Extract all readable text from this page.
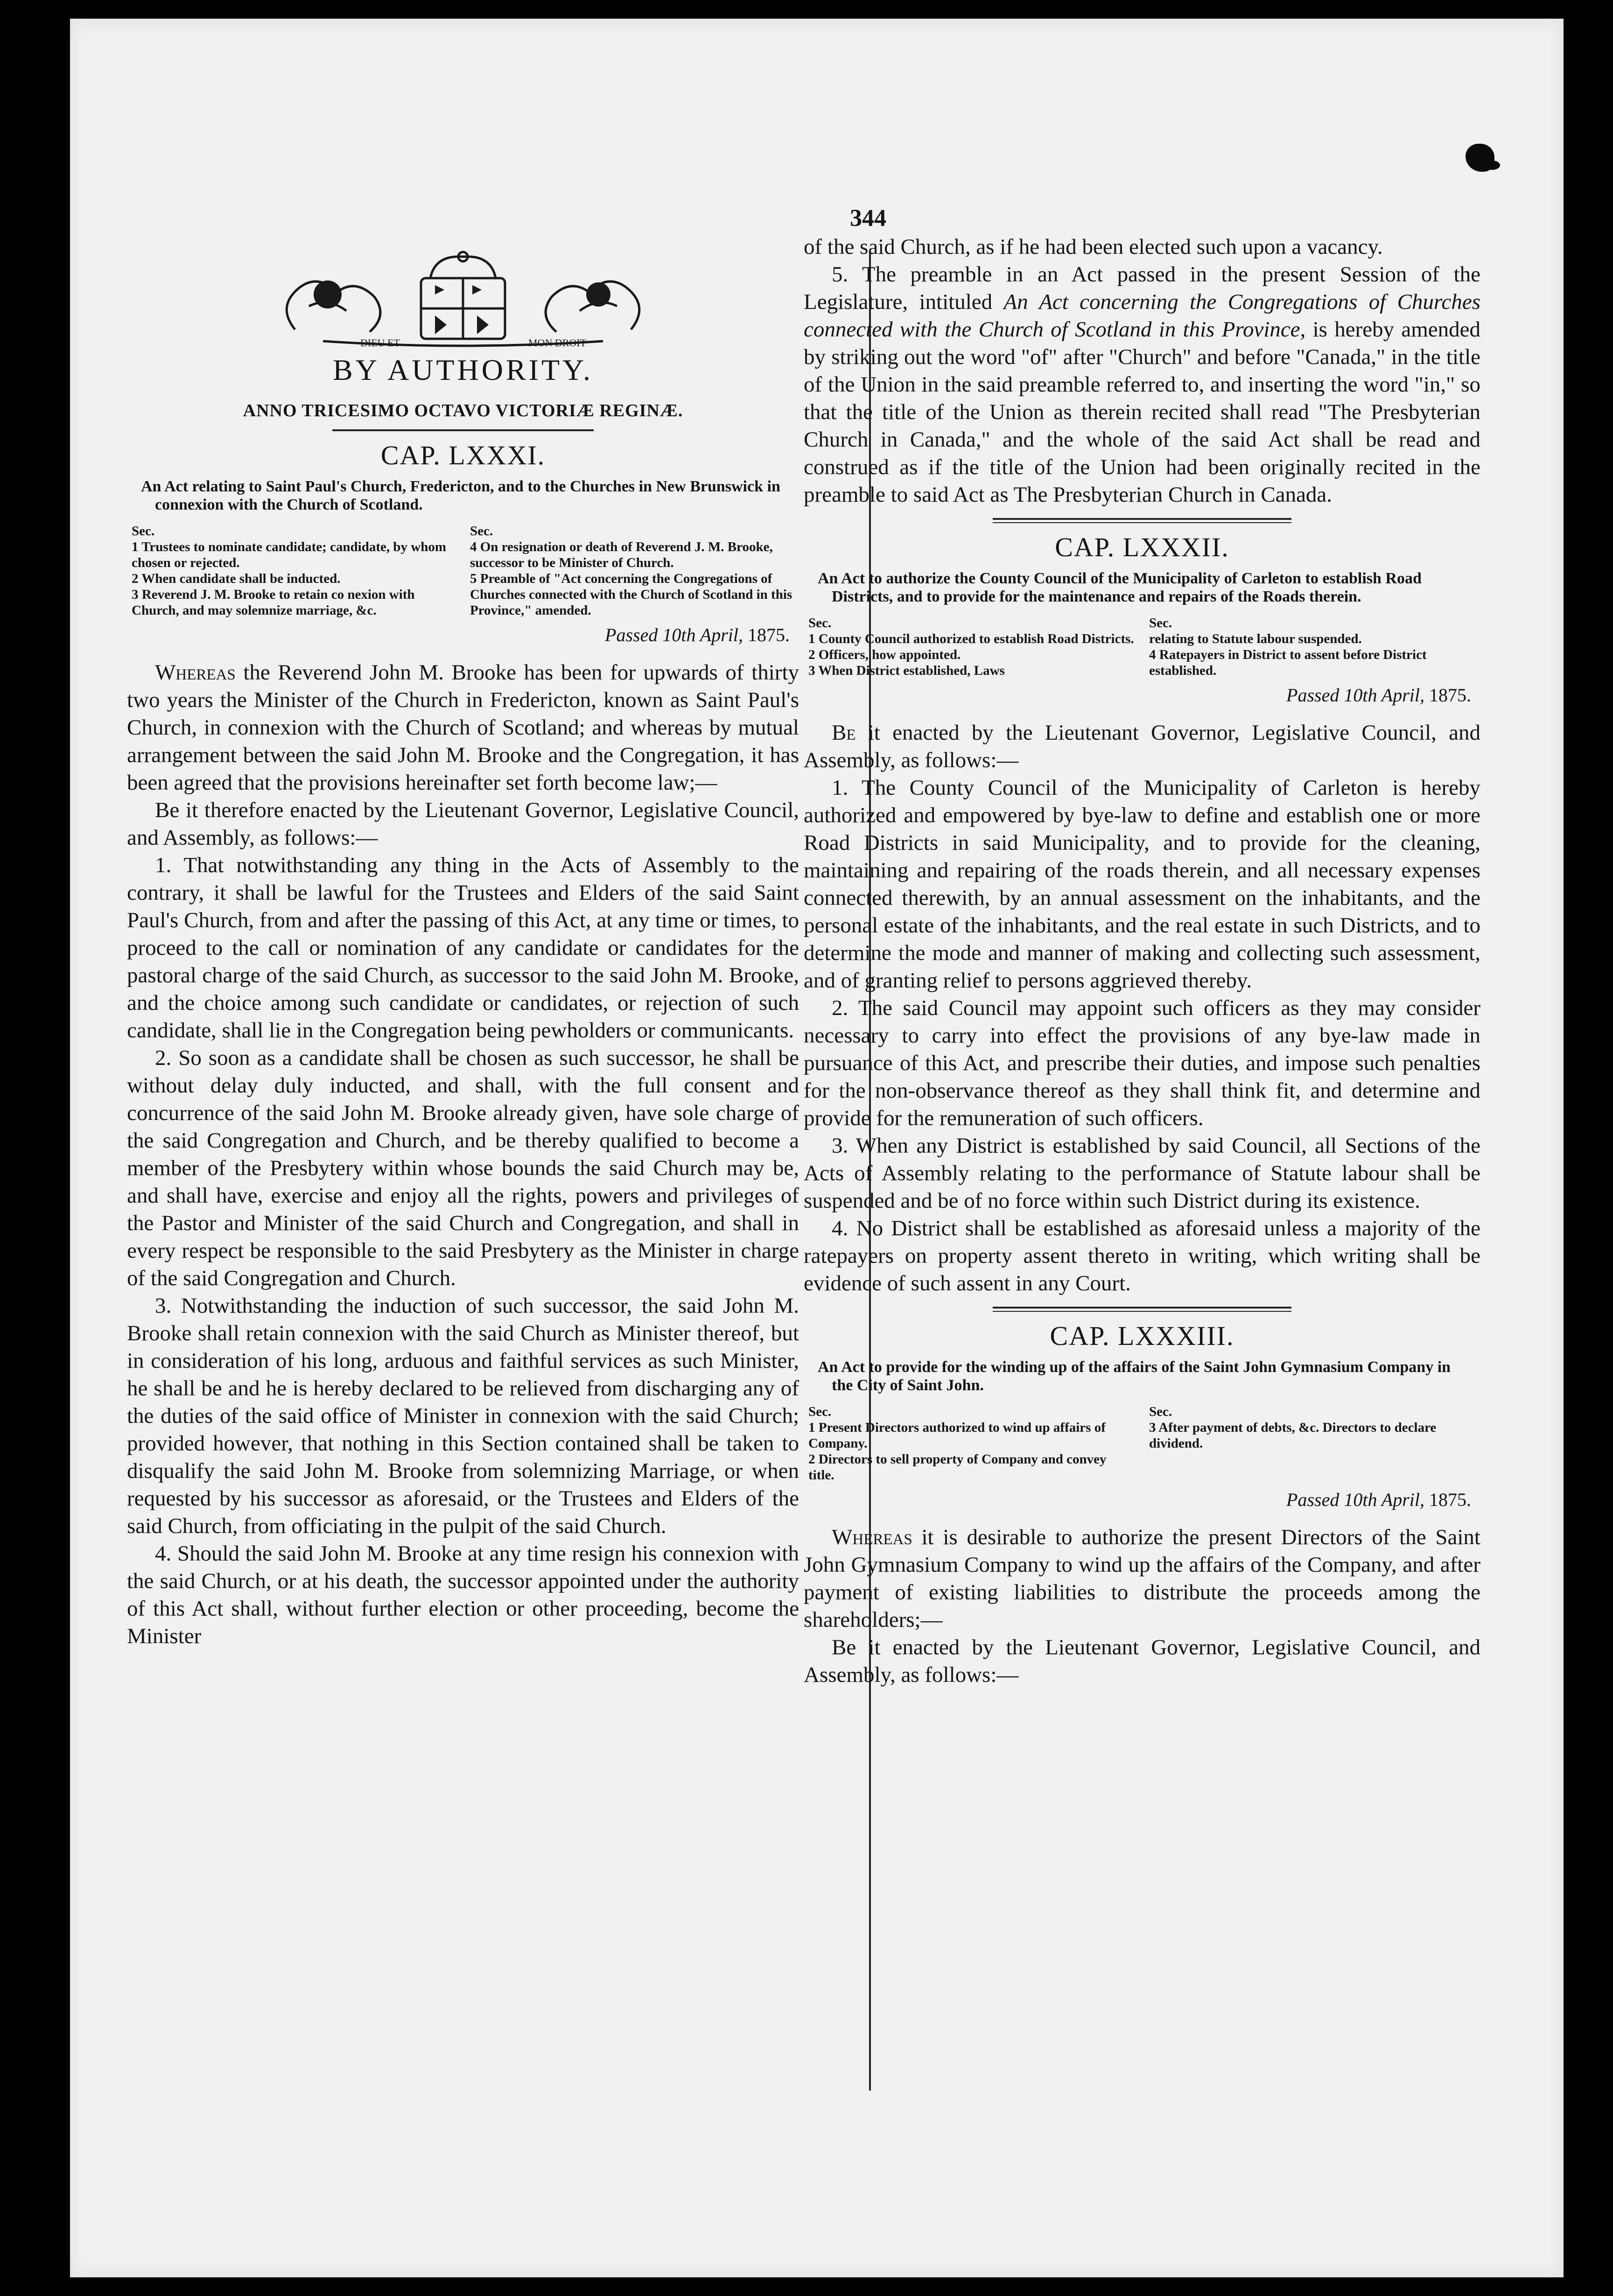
344
DIEU ET	MON DROIT
BY AUTHORITY.
ANNO TRICESIMO OCTAVO VICTORIÆ REGINÆ.
CAP. LXXXI.
An Act relating to Saint Paul's Church, Fredericton, and to the Churches in New Brunswick in connexion with the Church of Scotland.
Sec.
1 Trustees to nominate candidate; candidate, by whom chosen or rejected.
2 When candidate shall be inducted.
3 Reverend J. M. Brooke to retain co nexion with Church, and may solemnize marriage, &c.
Sec.
4 On resignation or death of Reverend J. M. Brooke, successor to be Minister of Church.
5 Preamble of "Act concerning the Congregations of Churches connected with the Church of Scotland in this Province," amended.
Passed 10th April, 1875.

Whereas the Reverend John M. Brooke has been for upwards of thirty two years the Minister of the Church in Fredericton, known as Saint Paul's Church, in connexion with the Church of Scotland; and whereas by mutual arrangement between the said John M. Brooke and the Congregation, it has been agreed that the provisions hereinafter set forth become law;—

Be it therefore enacted by the Lieutenant Governor, Legislative Council, and Assembly, as follows:—

1. That notwithstanding any thing in the Acts of Assembly to the contrary, it shall be lawful for the Trustees and Elders of the said Saint Paul's Church, from and after the passing of this Act, at any time or times, to proceed to the call or nomination of any candidate or candidates for the pastoral charge of the said Church, as successor to the said John M. Brooke, and the choice among such candidate or candidates, or rejection of such candidate, shall lie in the Congregation being pewholders or communicants.

2. So soon as a candidate shall be chosen as such successor, he shall be without delay duly inducted, and shall, with the full consent and concurrence of the said John M. Brooke already given, have sole charge of the said Congregation and Church, and be thereby qualified to become a member of the Presbytery within whose bounds the said Church may be, and shall have, exercise and enjoy all the rights, powers and privileges of the Pastor and Minister of the said Church and Congregation, and shall in every respect be responsible to the said Presbytery as the Minister in charge of the said Congregation and Church.

3. Notwithstanding the induction of such successor, the said John M. Brooke shall retain connexion with the said Church as Minister thereof, but in consideration of his long, arduous and faithful services as such Minister, he shall be and he is hereby declared to be relieved from discharging any of the duties of the said office of Minister in connexion with the said Church; provided however, that nothing in this Section contained shall be taken to disqualify the said John M. Brooke from solemnizing Marriage, or when requested by his successor as aforesaid, or the Trustees and Elders of the said Church, from officiating in the pulpit of the said Church.

4. Should the said John M. Brooke at any time resign his connexion with the said Church, or at his death, the successor appointed under the authority of this Act shall, without further election or other proceeding, become the Minister

of the said Church, as if he had been elected such upon a vacancy.

5. The preamble in an Act passed in the present Session of the Legislature, intituled An Act concerning the Congregations of Churches connected with the Church of Scotland in this Province, is hereby amended by striking out the word "of" after "Church" and before "Canada," in the title of the Union in the said preamble referred to, and inserting the word "in," so that the title of the Union as therein recited shall read "The Presbyterian Church in Canada," and the whole of the said Act shall be read and construed as if the title of the Union had been originally recited in the preamble to said Act as The Presbyterian Church in Canada.

CAP. LXXXII.
An Act to authorize the County Council of the Municipality of Carleton to establish Road Districts, and to provide for the maintenance and repairs of the Roads therein.
Sec.
1 County Council authorized to establish Road Districts.
2 Officers, how appointed.
3 When District established, Laws
Sec.
relating to Statute labour suspended.
4 Ratepayers in District to assent before District established.
Passed 10th April, 1875.

Be it enacted by the Lieutenant Governor, Legislative Council, and Assembly, as follows:—

1. The County Council of the Municipality of Carleton is hereby authorized and empowered by bye-law to define and establish one or more Road Districts in said Municipality, and to provide for the cleaning, maintaining and repairing of the roads therein, and all necessary expenses connected therewith, by an annual assessment on the inhabitants, and the personal estate of the inhabitants, and the real estate in such Districts, and to determine the mode and manner of making and collecting such assessment, and of granting relief to persons aggrieved thereby.

2. The said Council may appoint such officers as they may consider necessary to carry into effect the provisions of any bye-law made in pursuance of this Act, and prescribe their duties, and impose such penalties for the non-observance thereof as they shall think fit, and determine and provide for the remuneration of such officers.

3. When any District is established by said Council, all Sections of the Acts of Assembly relating to the performance of Statute labour shall be suspended and be of no force within such District during its existence.

4. No District shall be established as aforesaid unless a majority of the ratepayers on property assent thereto in writing, which writing shall be evidence of such assent in any Court.

CAP. LXXXIII.
An Act to provide for the winding up of the affairs of the Saint John Gymnasium Company in the City of Saint John.
Sec.
1 Present Directors authorized to wind up affairs of Company.
2 Directors to sell property of Company and convey title.
Sec.
3 After payment of debts, &c. Directors to declare dividend.
Passed 10th April, 1875.

Whereas it is desirable to authorize the present Directors of the Saint John Gymnasium Company to wind up the affairs of the Company, and after payment of existing liabilities to distribute the proceeds among the shareholders;—

Be it enacted by the Lieutenant Governor, Legislative Council, and Assembly, as follows:—
